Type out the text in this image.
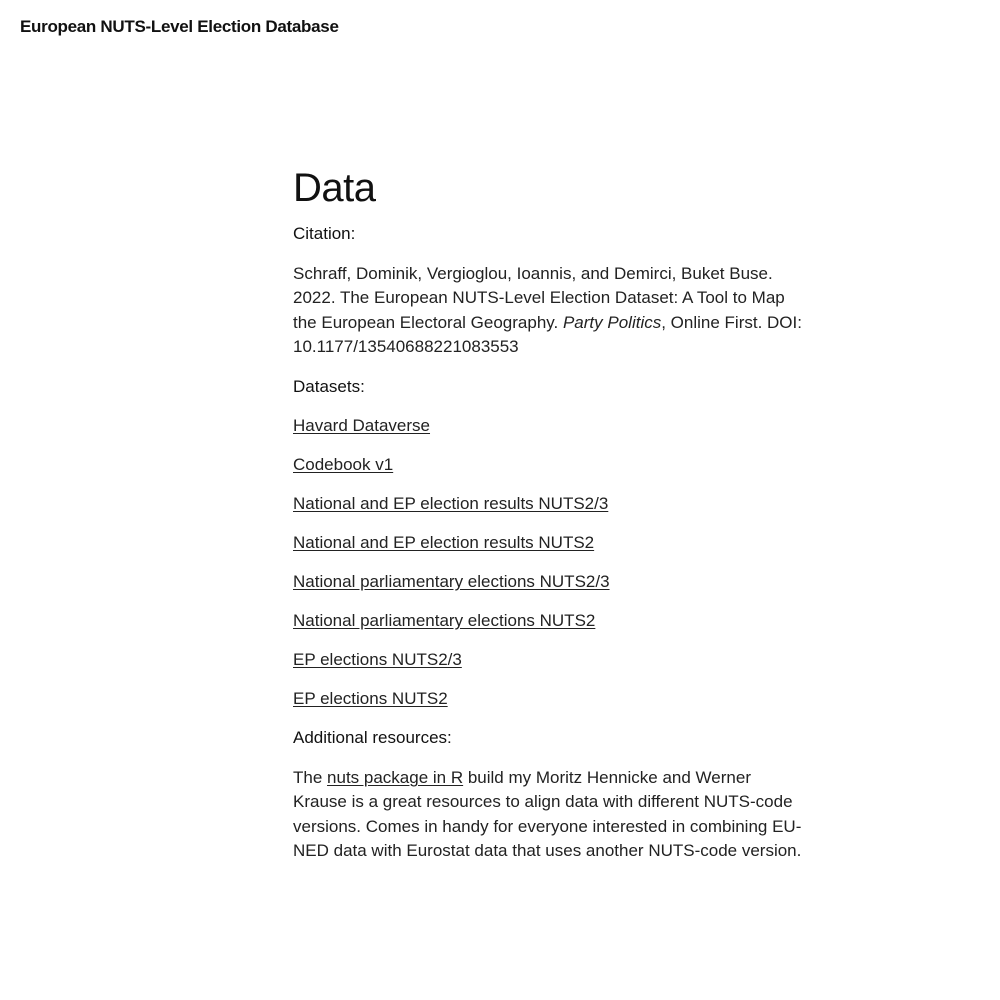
European NUTS-Level Election Database
Data
Citation:

Schraff, Dominik, Vergioglou, Ioannis, and Demirci, Buket Buse. 2022. The European NUTS-Level Election Dataset: A Tool to Map the European Electoral Geography. Party Politics, Online First. DOI: 10.1177/13540688221083553

Datasets:
Havard Dataverse
Codebook v1
National and EP election results NUTS2/3
National and EP election results NUTS2
National parliamentary elections NUTS2/3
National parliamentary elections NUTS2
EP elections NUTS2/3
EP elections NUTS2
Additional resources:

The nuts package in R build my Moritz Hennicke and Werner Krause is a great resources to align data with different NUTS-code versions. Comes in handy for everyone interested in combining EU-NED data with Eurostat data that uses another NUTS-code version.
